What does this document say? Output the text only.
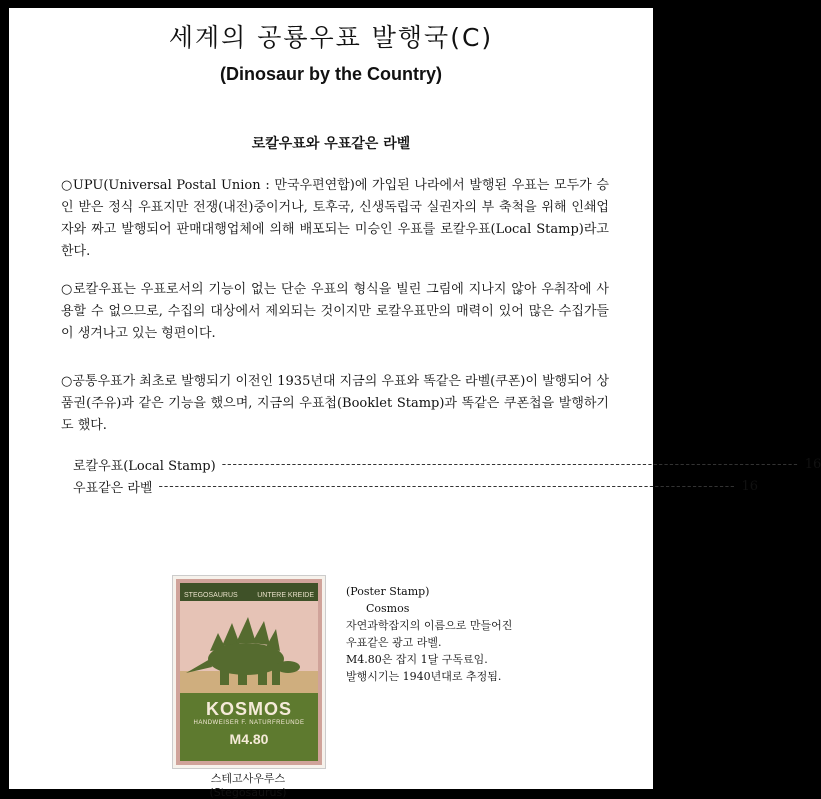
세계의 공룡우표 발행국(C)
(Dinosaur by the Country)
로칼우표와 우표같은 라벨

○UPU(Universal Postal Union : 만국우편연합)에 가입된 나라에서 발행된 우표는 모두가 승인 받은 정식 우표지만 전쟁(내전)중이거나, 토후국, 신생독립국 실권자의 부 축척을 위해 인쇄업자와 짜고 발행되어 판매대행업체에 의해 배포되는 미승인 우표를 로칼우표(Local Stamp)라고한다.

○로칼우표는 우표로서의 기능이 없는 단순 우표의 형식을 빌린 그림에 지나지 않아 우취작에 사용할 수 없으므로, 수집의 대상에서 제외되는 것이지만 로칼우표만의 매력이 있어 많은 수집가들이 생겨나고 있는 형편이다.

○공통우표가 최초로 발행되기 이전인 1935년대 지금의 우표와 똑같은 라벨(쿠폰)이 발행되어 상품권(주유)과 같은 기능을 했으며, 지금의 우표첩(Booklet Stamp)과 똑같은 쿠폰첩을 발행하기도 했다.

로칼우표(Local Stamp) ----------------------------------------------------------------------------------------------------------- 16
우표같은 라벨 ----------------------------------------------------------------------------------------------------------- 16
STEGOSAURUS	UNTERE KREIDE
KOSMOS
HANDWEISER F. NATURFREUNDE
M4.80
스테고사우루스(Stegosaurus)
(Poster Stamp)
Cosmos
자연과학잡지의 이름으로 만들어진
우표같은 광고 라벨.
M4.80은 잡지 1달 구독료임.
발행시기는 1940년대로 추정됨.
